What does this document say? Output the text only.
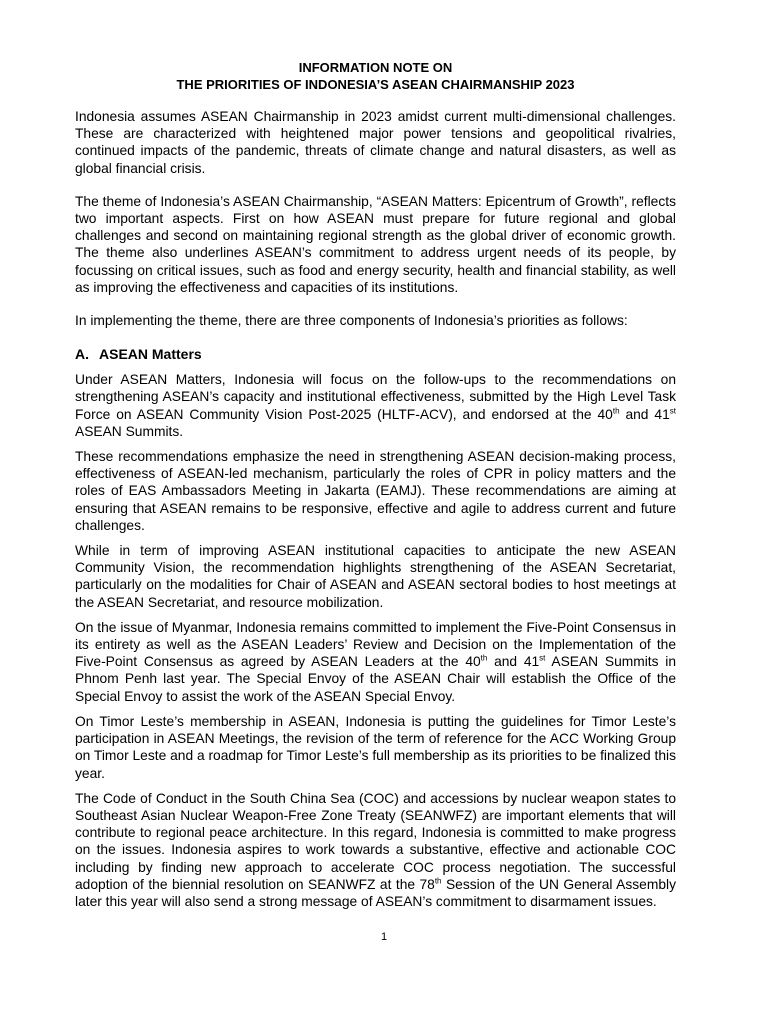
INFORMATION NOTE ON

THE PRIORITIES OF INDONESIA’S ASEAN CHAIRMANSHIP 2023

Indonesia assumes ASEAN Chairmanship in 2023 amidst current multi-dimensional challenges. These are characterized with heightened major power tensions and geopolitical rivalries, continued impacts of the pandemic, threats of climate change and natural disasters, as well as global financial crisis.

The theme of Indonesia’s ASEAN Chairmanship, “ASEAN Matters: Epicentrum of Growth”, reflects two important aspects. First on how ASEAN must prepare for future regional and global challenges and second on maintaining regional strength as the global driver of economic growth. The theme also underlines ASEAN’s commitment to address urgent needs of its people, by focussing on critical issues, such as food and energy security, health and financial stability, as well as improving the effectiveness and capacities of its institutions.

In implementing the theme, there are three components of Indonesia’s priorities as follows:

A. ASEAN Matters

Under ASEAN Matters, Indonesia will focus on the follow-ups to the recommendations on strengthening ASEAN’s capacity and institutional effectiveness, submitted by the High Level Task Force on ASEAN Community Vision Post-2025 (HLTF-ACV), and endorsed at the 40th and 41st ASEAN Summits.

These recommendations emphasize the need in strengthening ASEAN decision-making process, effectiveness of ASEAN-led mechanism, particularly the roles of CPR in policy matters and the roles of EAS Ambassadors Meeting in Jakarta (EAMJ). These recommendations are aiming at ensuring that ASEAN remains to be responsive, effective and agile to address current and future challenges.

While in term of improving ASEAN institutional capacities to anticipate the new ASEAN Community Vision, the recommendation highlights strengthening of the ASEAN Secretariat, particularly on the modalities for Chair of ASEAN and ASEAN sectoral bodies to host meetings at the ASEAN Secretariat, and resource mobilization.

On the issue of Myanmar, Indonesia remains committed to implement the Five-Point Consensus in its entirety as well as the ASEAN Leaders’ Review and Decision on the Implementation of the Five-Point Consensus as agreed by ASEAN Leaders at the 40th and 41st ASEAN Summits in Phnom Penh last year. The Special Envoy of the ASEAN Chair will establish the Office of the Special Envoy to assist the work of the ASEAN Special Envoy.

On Timor Leste’s membership in ASEAN, Indonesia is putting the guidelines for Timor Leste’s participation in ASEAN Meetings, the revision of the term of reference for the ACC Working Group on Timor Leste and a roadmap for Timor Leste’s full membership as its priorities to be finalized this year.

The Code of Conduct in the South China Sea (COC) and accessions by nuclear weapon states to Southeast Asian Nuclear Weapon-Free Zone Treaty (SEANWFZ) are important elements that will contribute to regional peace architecture. In this regard, Indonesia is committed to make progress on the issues. Indonesia aspires to work towards a substantive, effective and actionable COC including by finding new approach to accelerate COC process negotiation. The successful adoption of the biennial resolution on SEANWFZ at the 78th Session of the UN General Assembly later this year will also send a strong message of ASEAN’s commitment to disarmament issues.

1
